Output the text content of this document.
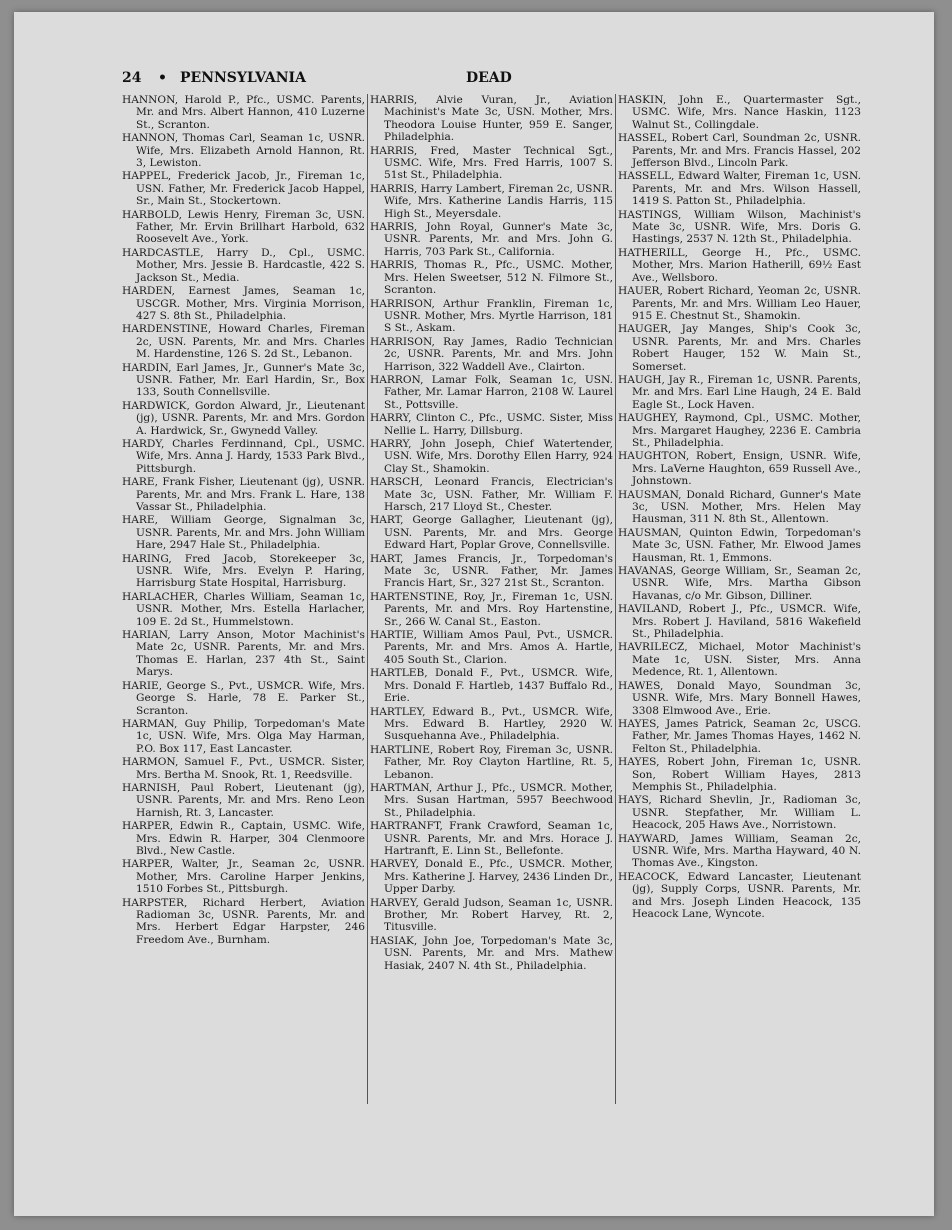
24 • PENNSYLVANIA	DEAD
HANNON, Harold P., Pfc., USMC. Parents, Mr. and Mrs. Albert Hannon, 410 Luzerne St., Scranton.
HANNON, Thomas Carl, Seaman 1c, USNR. Wife, Mrs. Elizabeth Arnold Hannon, Rt. 3, Lewiston.
HAPPEL, Frederick Jacob, Jr., Fireman 1c, USN. Father, Mr. Frederick Jacob Happel, Sr., Main St., Stockertown.
HARBOLD, Lewis Henry, Fireman 3c, USN. Father, Mr. Ervin Brillhart Harbold, 632 Roosevelt Ave., York.
HARDCASTLE, Harry D., Cpl., USMC. Mother, Mrs. Jessie B. Hardcastle, 422 S. Jackson St., Media.
HARDEN, Earnest James, Seaman 1c, USCGR. Mother, Mrs. Virginia Morrison, 427 S. 8th St., Philadelphia.
HARDENSTINE, Howard Charles, Fireman 2c, USN. Parents, Mr. and Mrs. Charles M. Hardenstine, 126 S. 2d St., Lebanon.
HARDIN, Earl James, Jr., Gunner's Mate 3c, USNR. Father, Mr. Earl Hardin, Sr., Box 133, South Connellsville.
HARDWICK, Gordon Alward, Jr., Lieutenant (jg), USNR. Parents, Mr. and Mrs. Gordon A. Hardwick, Sr., Gwynedd Valley.
HARDY, Charles Ferdinnand, Cpl., USMC. Wife, Mrs. Anna J. Hardy, 1533 Park Blvd., Pittsburgh.
HARE, Frank Fisher, Lieutenant (jg), USNR. Parents, Mr. and Mrs. Frank L. Hare, 138 Vassar St., Philadelphia.
HARE, William George, Signalman 3c, USNR. Parents, Mr. and Mrs. John William Hare, 2947 Hale St., Philadelphia.
HARING, Fred Jacob, Storekeeper 3c, USNR. Wife, Mrs. Evelyn P. Haring, Harrisburg State Hospital, Harrisburg.
HARLACHER, Charles William, Seaman 1c, USNR. Mother, Mrs. Estella Harlacher, 109 E. 2d St., Hummelstown.
HARIAN, Larry Anson, Motor Machinist's Mate 2c, USNR. Parents, Mr. and Mrs. Thomas E. Harlan, 237 4th St., Saint Marys.
HARIE, George S., Pvt., USMCR. Wife, Mrs. George S. Harle, 78 E. Parker St., Scranton.
HARMAN, Guy Philip, Torpedoman's Mate 1c, USN. Wife, Mrs. Olga May Harman, P.O. Box 117, East Lancaster.
HARMON, Samuel F., Pvt., USMCR. Sister, Mrs. Bertha M. Snook, Rt. 1, Reedsville.
HARNISH, Paul Robert, Lieutenant (jg), USNR. Parents, Mr. and Mrs. Reno Leon Harnish, Rt. 3, Lancaster.
HARPER, Edwin R., Captain, USMC. Wife, Mrs. Edwin R. Harper, 304 Clenmoore Blvd., New Castle.
HARPER, Walter, Jr., Seaman 2c, USNR. Mother, Mrs. Caroline Harper Jenkins, 1510 Forbes St., Pittsburgh.
HARPSTER, Richard Herbert, Aviation Radioman 3c, USNR. Parents, Mr. and Mrs. Herbert Edgar Harpster, 246 Freedom Ave., Burnham.
HARRIS, Alvie Vuran, Jr., Aviation Machinist's Mate 3c, USN. Mother, Mrs. Theodora Louise Hunter, 959 E. Sanger, Philadelphia.
HARRIS, Fred, Master Technical Sgt., USMC. Wife, Mrs. Fred Harris, 1007 S. 51st St., Philadelphia.
HARRIS, Harry Lambert, Fireman 2c, USNR. Wife, Mrs. Katherine Landis Harris, 115 High St., Meyersdale.
HARRIS, John Royal, Gunner's Mate 3c, USNR. Parents, Mr. and Mrs. John G. Harris, 703 Park St., California.
HARRIS, Thomas R., Pfc., USMC. Mother, Mrs. Helen Sweetser, 512 N. Filmore St., Scranton.
HARRISON, Arthur Franklin, Fireman 1c, USNR. Mother, Mrs. Myrtle Harrison, 181 S St., Askam.
HARRISON, Ray James, Radio Technician 2c, USNR. Parents, Mr. and Mrs. John Harrison, 322 Waddell Ave., Clairton.
HARRON, Lamar Folk, Seaman 1c, USN. Father, Mr. Lamar Harron, 2108 W. Laurel St., Pottsville.
HARRY, Clinton C., Pfc., USMC. Sister, Miss Nellie L. Harry, Dillsburg.
HARRY, John Joseph, Chief Watertender, USN. Wife, Mrs. Dorothy Ellen Harry, 924 Clay St., Shamokin.
HARSCH, Leonard Francis, Electrician's Mate 3c, USN. Father, Mr. William F. Harsch, 217 Lloyd St., Chester.
HART, George Gallagher, Lieutenant (jg), USN. Parents, Mr. and Mrs. George Edward Hart, Poplar Grove, Connellsville.
HART, James Francis, Jr., Torpedoman's Mate 3c, USNR. Father, Mr. James Francis Hart, Sr., 327 21st St., Scranton.
HARTENSTINE, Roy, Jr., Fireman 1c, USN. Parents, Mr. and Mrs. Roy Hartenstine, Sr., 266 W. Canal St., Easton.
HARTIE, William Amos Paul, Pvt., USMCR. Parents, Mr. and Mrs. Amos A. Hartle, 405 South St., Clarion.
HARTLEB, Donald F., Pvt., USMCR. Wife, Mrs. Donald F. Hartleb, 1437 Buffalo Rd., Erie.
HARTLEY, Edward B., Pvt., USMCR. Wife, Mrs. Edward B. Hartley, 2920 W. Susquehanna Ave., Philadelphia.
HARTLINE, Robert Roy, Fireman 3c, USNR. Father, Mr. Roy Clayton Hartline, Rt. 5, Lebanon.
HARTMAN, Arthur J., Pfc., USMCR. Mother, Mrs. Susan Hartman, 5957 Beechwood St., Philadelphia.
HARTRANFT, Frank Crawford, Seaman 1c, USNR. Parents, Mr. and Mrs. Horace J. Hartranft, E. Linn St., Bellefonte.
HARVEY, Donald E., Pfc., USMCR. Mother, Mrs. Katherine J. Harvey, 2436 Linden Dr., Upper Darby.
HARVEY, Gerald Judson, Seaman 1c, USNR. Brother, Mr. Robert Harvey, Rt. 2, Titusville.
HASIAK, John Joe, Torpedoman's Mate 3c, USN. Parents, Mr. and Mrs. Mathew Hasiak, 2407 N. 4th St., Philadelphia.
HASKIN, John E., Quartermaster Sgt., USMC. Wife, Mrs. Nance Haskin, 1123 Walnut St., Collingdale.
HASSEL, Robert Carl, Soundman 2c, USNR. Parents, Mr. and Mrs. Francis Hassel, 202 Jefferson Blvd., Lincoln Park.
HASSELL, Edward Walter, Fireman 1c, USN. Parents, Mr. and Mrs. Wilson Hassell, 1419 S. Patton St., Philadelphia.
HASTINGS, William Wilson, Machinist's Mate 3c, USNR. Wife, Mrs. Doris G. Hastings, 2537 N. 12th St., Philadelphia.
HATHERILL, George H., Pfc., USMC. Mother, Mrs. Marion Hatherill, 69½ East Ave., Wellsboro.
HAUER, Robert Richard, Yeoman 2c, USNR. Parents, Mr. and Mrs. William Leo Hauer, 915 E. Chestnut St., Shamokin.
HAUGER, Jay Manges, Ship's Cook 3c, USNR. Parents, Mr. and Mrs. Charles Robert Hauger, 152 W. Main St., Somerset.
HAUGH, Jay R., Fireman 1c, USNR. Parents, Mr. and Mrs. Earl Line Haugh, 24 E. Bald Eagle St., Lock Haven.
HAUGHEY, Raymond, Cpl., USMC. Mother, Mrs. Margaret Haughey, 2236 E. Cambria St., Philadelphia.
HAUGHTON, Robert, Ensign, USNR. Wife, Mrs. LaVerne Haughton, 659 Russell Ave., Johnstown.
HAUSMAN, Donald Richard, Gunner's Mate 3c, USN. Mother, Mrs. Helen May Hausman, 311 N. 8th St., Allentown.
HAUSMAN, Quinton Edwin, Torpedoman's Mate 3c, USN. Father, Mr. Elwood James Hausman, Rt. 1, Emmons.
HAVANAS, George William, Sr., Seaman 2c, USNR. Wife, Mrs. Martha Gibson Havanas, c/o Mr. Gibson, Dilliner.
HAVILAND, Robert J., Pfc., USMCR. Wife, Mrs. Robert J. Haviland, 5816 Wakefield St., Philadelphia.
HAVRILECZ, Michael, Motor Machinist's Mate 1c, USN. Sister, Mrs. Anna Medence, Rt. 1, Allentown.
HAWES, Donald Mayo, Soundman 3c, USNR. Wife, Mrs. Mary Bonnell Hawes, 3308 Elmwood Ave., Erie.
HAYES, James Patrick, Seaman 2c, USCG. Father, Mr. James Thomas Hayes, 1462 N. Felton St., Philadelphia.
HAYES, Robert John, Fireman 1c, USNR. Son, Robert William Hayes, 2813 Memphis St., Philadelphia.
HAYS, Richard Shevlin, Jr., Radioman 3c, USNR. Stepfather, Mr. William L. Heacock, 205 Haws Ave., Norristown.
HAYWARD, James William, Seaman 2c, USNR. Wife, Mrs. Martha Hayward, 40 N. Thomas Ave., Kingston.
HEACOCK, Edward Lancaster, Lieutenant (jg), Supply Corps, USNR. Parents, Mr. and Mrs. Joseph Linden Heacock, 135 Heacock Lane, Wyncote.
